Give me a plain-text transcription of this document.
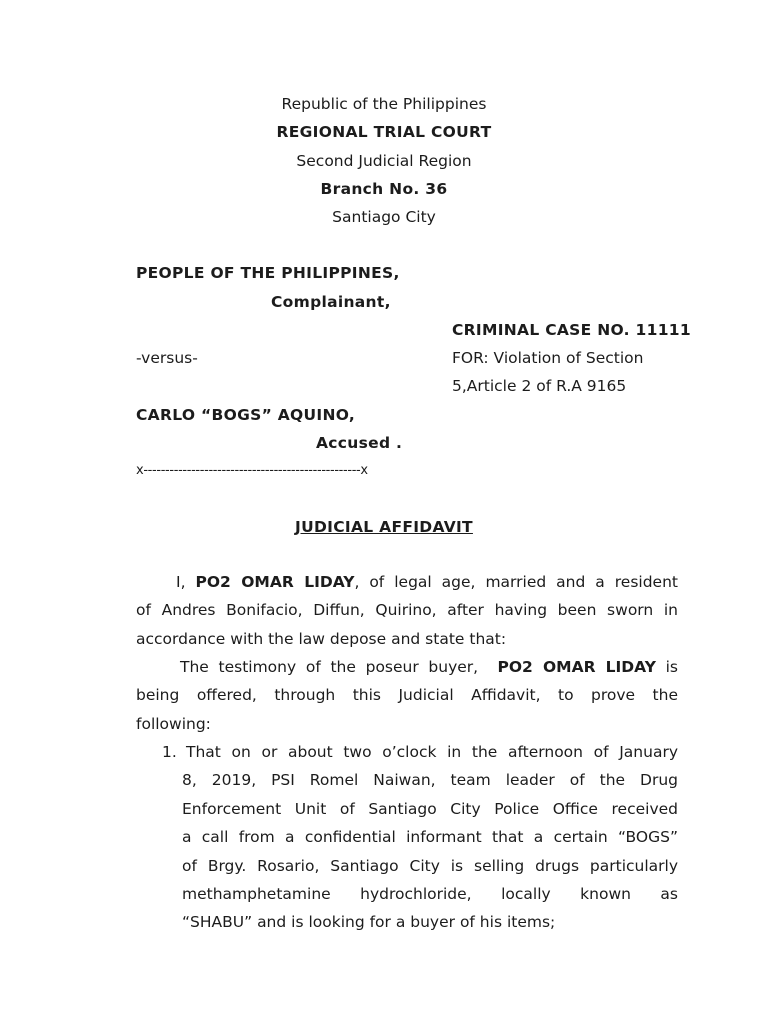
Republic of the Philippines
REGIONAL TRIAL COURT
Second Judicial Region
Branch No. 36
Santiago City
PEOPLE OF THE PHILIPPINES,
Complainant,
CRIMINAL CASE NO. 11111
-versus-	FOR: Violation of Section
5,Article 2 of R.A 9165
CARLO “BOGS” AQUINO,
Accused .
x--------------------------------------------------x
JUDICIAL AFFIDAVIT
I, PO2 OMAR LIDAY, of legal age, married and a resident
of Andres Bonifacio, Diffun, Quirino, after having been sworn in
accordance with the law depose and state that:
The testimony of the poseur buyer, PO2 OMAR LIDAY is
being offered, through this Judicial Affidavit, to prove the
following:
1. That on or about two o’clock in the afternoon of January
8, 2019, PSI Romel Naiwan, team leader of the Drug
Enforcement Unit of Santiago City Police Office received
a call from a confidential informant that a certain “BOGS”
of Brgy. Rosario, Santiago City is selling drugs particularly
methamphetamine hydrochloride, locally known as
“SHABU” and is looking for a buyer of his items;
